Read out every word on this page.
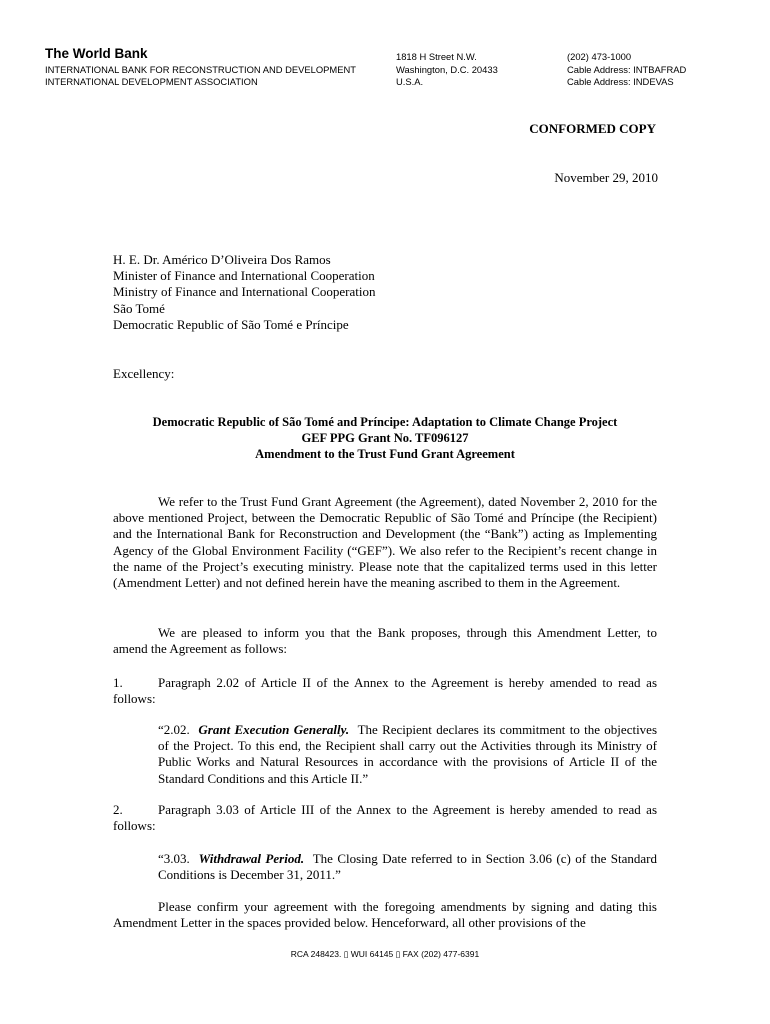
The World Bank
INTERNATIONAL BANK FOR RECONSTRUCTION AND DEVELOPMENT
INTERNATIONAL DEVELOPMENT ASSOCIATION
1818 H Street N.W.
Washington, D.C. 20433
U.S.A.
(202) 473-1000
Cable Address: INTBAFRAD
Cable Address: INDEVAS
CONFORMED COPY
November 29, 2010
H. E. Dr. Américo D’Oliveira Dos Ramos
Minister of Finance and International Cooperation
Ministry of Finance and International Cooperation
São Tomé
Democratic Republic of São Tomé e Príncipe
Excellency:
Democratic Republic of São Tomé and Príncipe: Adaptation to Climate Change Project
GEF PPG Grant No. TF096127
Amendment to the Trust Fund Grant Agreement
We refer to the Trust Fund Grant Agreement (the Agreement), dated November 2, 2010 for the above mentioned Project, between the Democratic Republic of São Tomé and Príncipe (the Recipient) and the International Bank for Reconstruction and Development (the “Bank”) acting as Implementing Agency of the Global Environment Facility (“GEF”). We also refer to the Recipient’s recent change in the name of the Project’s executing ministry. Please note that the capitalized terms used in this letter (Amendment Letter) and not defined herein have the meaning ascribed to them in the Agreement.
We are pleased to inform you that the Bank proposes, through this Amendment Letter, to amend the Agreement as follows:
1.	Paragraph 2.02 of Article II of the Annex to the Agreement is hereby amended to read as follows:
“2.02. Grant Execution Generally. The Recipient declares its commitment to the objectives of the Project. To this end, the Recipient shall carry out the Activities through its Ministry of Public Works and Natural Resources in accordance with the provisions of Article II of the Standard Conditions and this Article II.”
2.	Paragraph 3.03 of Article III of the Annex to the Agreement is hereby amended to read as follows:
“3.03. Withdrawal Period. The Closing Date referred to in Section 3.06 (c) of the Standard Conditions is December 31, 2011.”
Please confirm your agreement with the foregoing amendments by signing and dating this Amendment Letter in the spaces provided below. Henceforward, all other provisions of the
RCA 248423. ▯ WUI 64145 ▯ FAX (202) 477-6391
